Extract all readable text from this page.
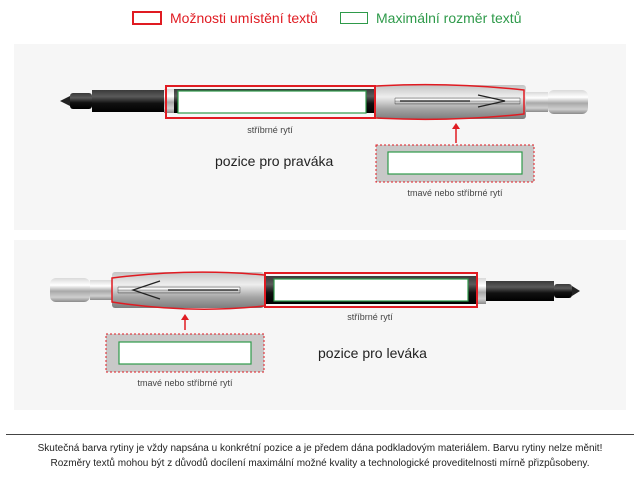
Možnosti umístění textů	Maximální rozměr textů
stříbrné rytí
pozice pro praváka
tmavé nebo stříbrné rytí
stříbrné rytí
pozice pro leváka
tmavé nebo stříbrné rytí
Skutečná barva rytiny je vždy napsána u konkrétní pozice a je předem dána podkladovým materiálem. Barvu rytiny nelze měnit!
Rozměry textů mohou být z důvodů docílení maximální možné kvality a technologické proveditelnosti mírně přizpůsobeny.
